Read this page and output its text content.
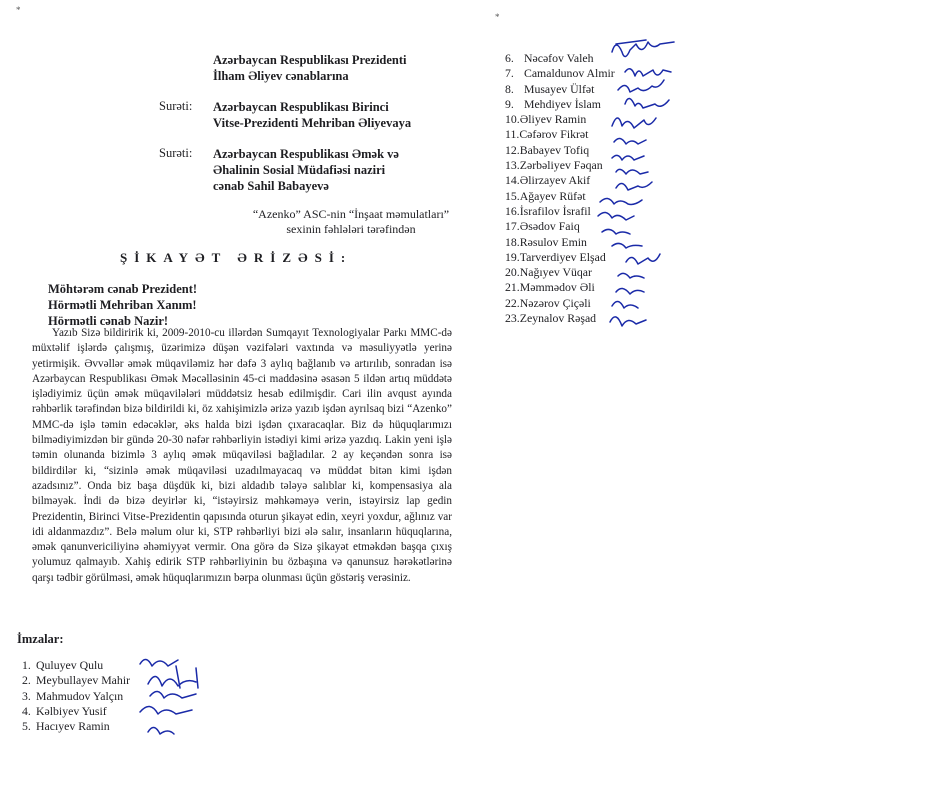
*
*
Azərbaycan Respublikası Prezidenti
İlham Əliyev cənablarına
Surəti: Azərbaycan Respublikası Birinci
Vitse-Prezidenti Mehriban Əliyevaya
Surəti: Azərbaycan Respublikası Əmək və
Əhalinin Sosial Müdafiəsi naziri
cənab Sahil Babayevə
“Azenko” ASC-nin “İnşaat məmulatları”
sexinin fəhlələri tərəfindən
ŞİKAYƏT ƏRİZƏSİ:
Möhtərəm cənab Prezident!
Hörmətli Mehriban Xanım!
Hörmətli cənab Nazir!
Yazıb Sizə bildiririk ki, 2009-2010-cu illərdən Sumqayıt Texnologiyalar Parkı MMC-də müxtəlif işlərdə çalışmış, üzərimizə düşən vəzifələri vaxtında və məsuliyyətlə yerinə yetirmişik. Əvvəllər əmək müqaviləmiz hər dəfə 3 aylıq bağlanıb və artırılıb, sonradan isə Azərbaycan Respublikası Əmək Məcəlləsinin 45-ci maddəsinə əsasən 5 ildən artıq müddətə işlədiyimiz üçün əmək müqavilələri müddətsiz hesab edilmişdir. Cari ilin avqust ayında rəhbərlik tərəfindən bizə bildirildi ki, öz xahişimizlə ərizə yazıb işdən ayrılsaq bizi “Azenko” MMC-də işlə təmin edəcəklər, əks halda bizi işdən çıxaracaqlar. Biz də hüquqlarımızı bilmədiyimizdən bir gündə 20-30 nəfər rəhbərliyin istədiyi kimi ərizə yazdıq. Lakin yeni işlə təmin olunanda bizimlə 3 aylıq əmək müqaviləsi bağladılar. 2 ay keçəndən sonra isə bildirdilər ki, “sizinlə əmək müqaviləsi uzadılmayacaq və müddət bitən kimi işdən azadsınız”. Onda biz başa düşdük ki, bizi aldadıb tələyə salıblar ki, kompensasiya ala bilməyək. İndi də bizə deyirlər ki, “istəyirsiz məhkəməyə verin, istəyirsiz lap gedin Prezidentin, Birinci Vitse-Prezidentin qapısında oturun şikayət edin, xeyri yoxdur, ağlınız var idi aldanmazdız”. Belə məlum olur ki, STP rəhbərliyi bizi ələ salır, insanların hüquqlarına, əmək qanunvericiliyinə əhəmiyyət vermir. Ona görə də Sizə şikayət etməkdən başqa çıxış yolumuz qalmayıb. Xahiş edirik STP rəhbərliyinin bu özbaşına və qanunsuz hərəkətlərinə qarşı tədbir görülməsi, əmək hüquqlarımızın bərpa olunması üçün göstəriş verəsiniz.
İmzalar:
1. Quluyev Qulu
2. Meybullayev Mahir
3. Mahmudov Yalçın
4. Kəlbiyev Yusif
5. Hacıyev Ramin
6. Nəcəfov Valeh
7. Camaldunov Almir
8. Musayev Ülfət
9. Mehdiyev İslam
10.Əliyev Ramin
11.Cəfərov Fikrət
12.Babayev Tofiq
13.Zərbəliyev Fəqan
14.Əlirzayev Akif
15.Ağayev Rüfət
16.İsrafilov İsrafil
17.Əsədov Faiq
18.Rəsulov Emin
19.Tarverdiyev Elşad
20.Nağıyev Vüqar
21.Məmmədov Əli
22.Nəzərov Çiçəli
23.Zeynalov Rəşad
